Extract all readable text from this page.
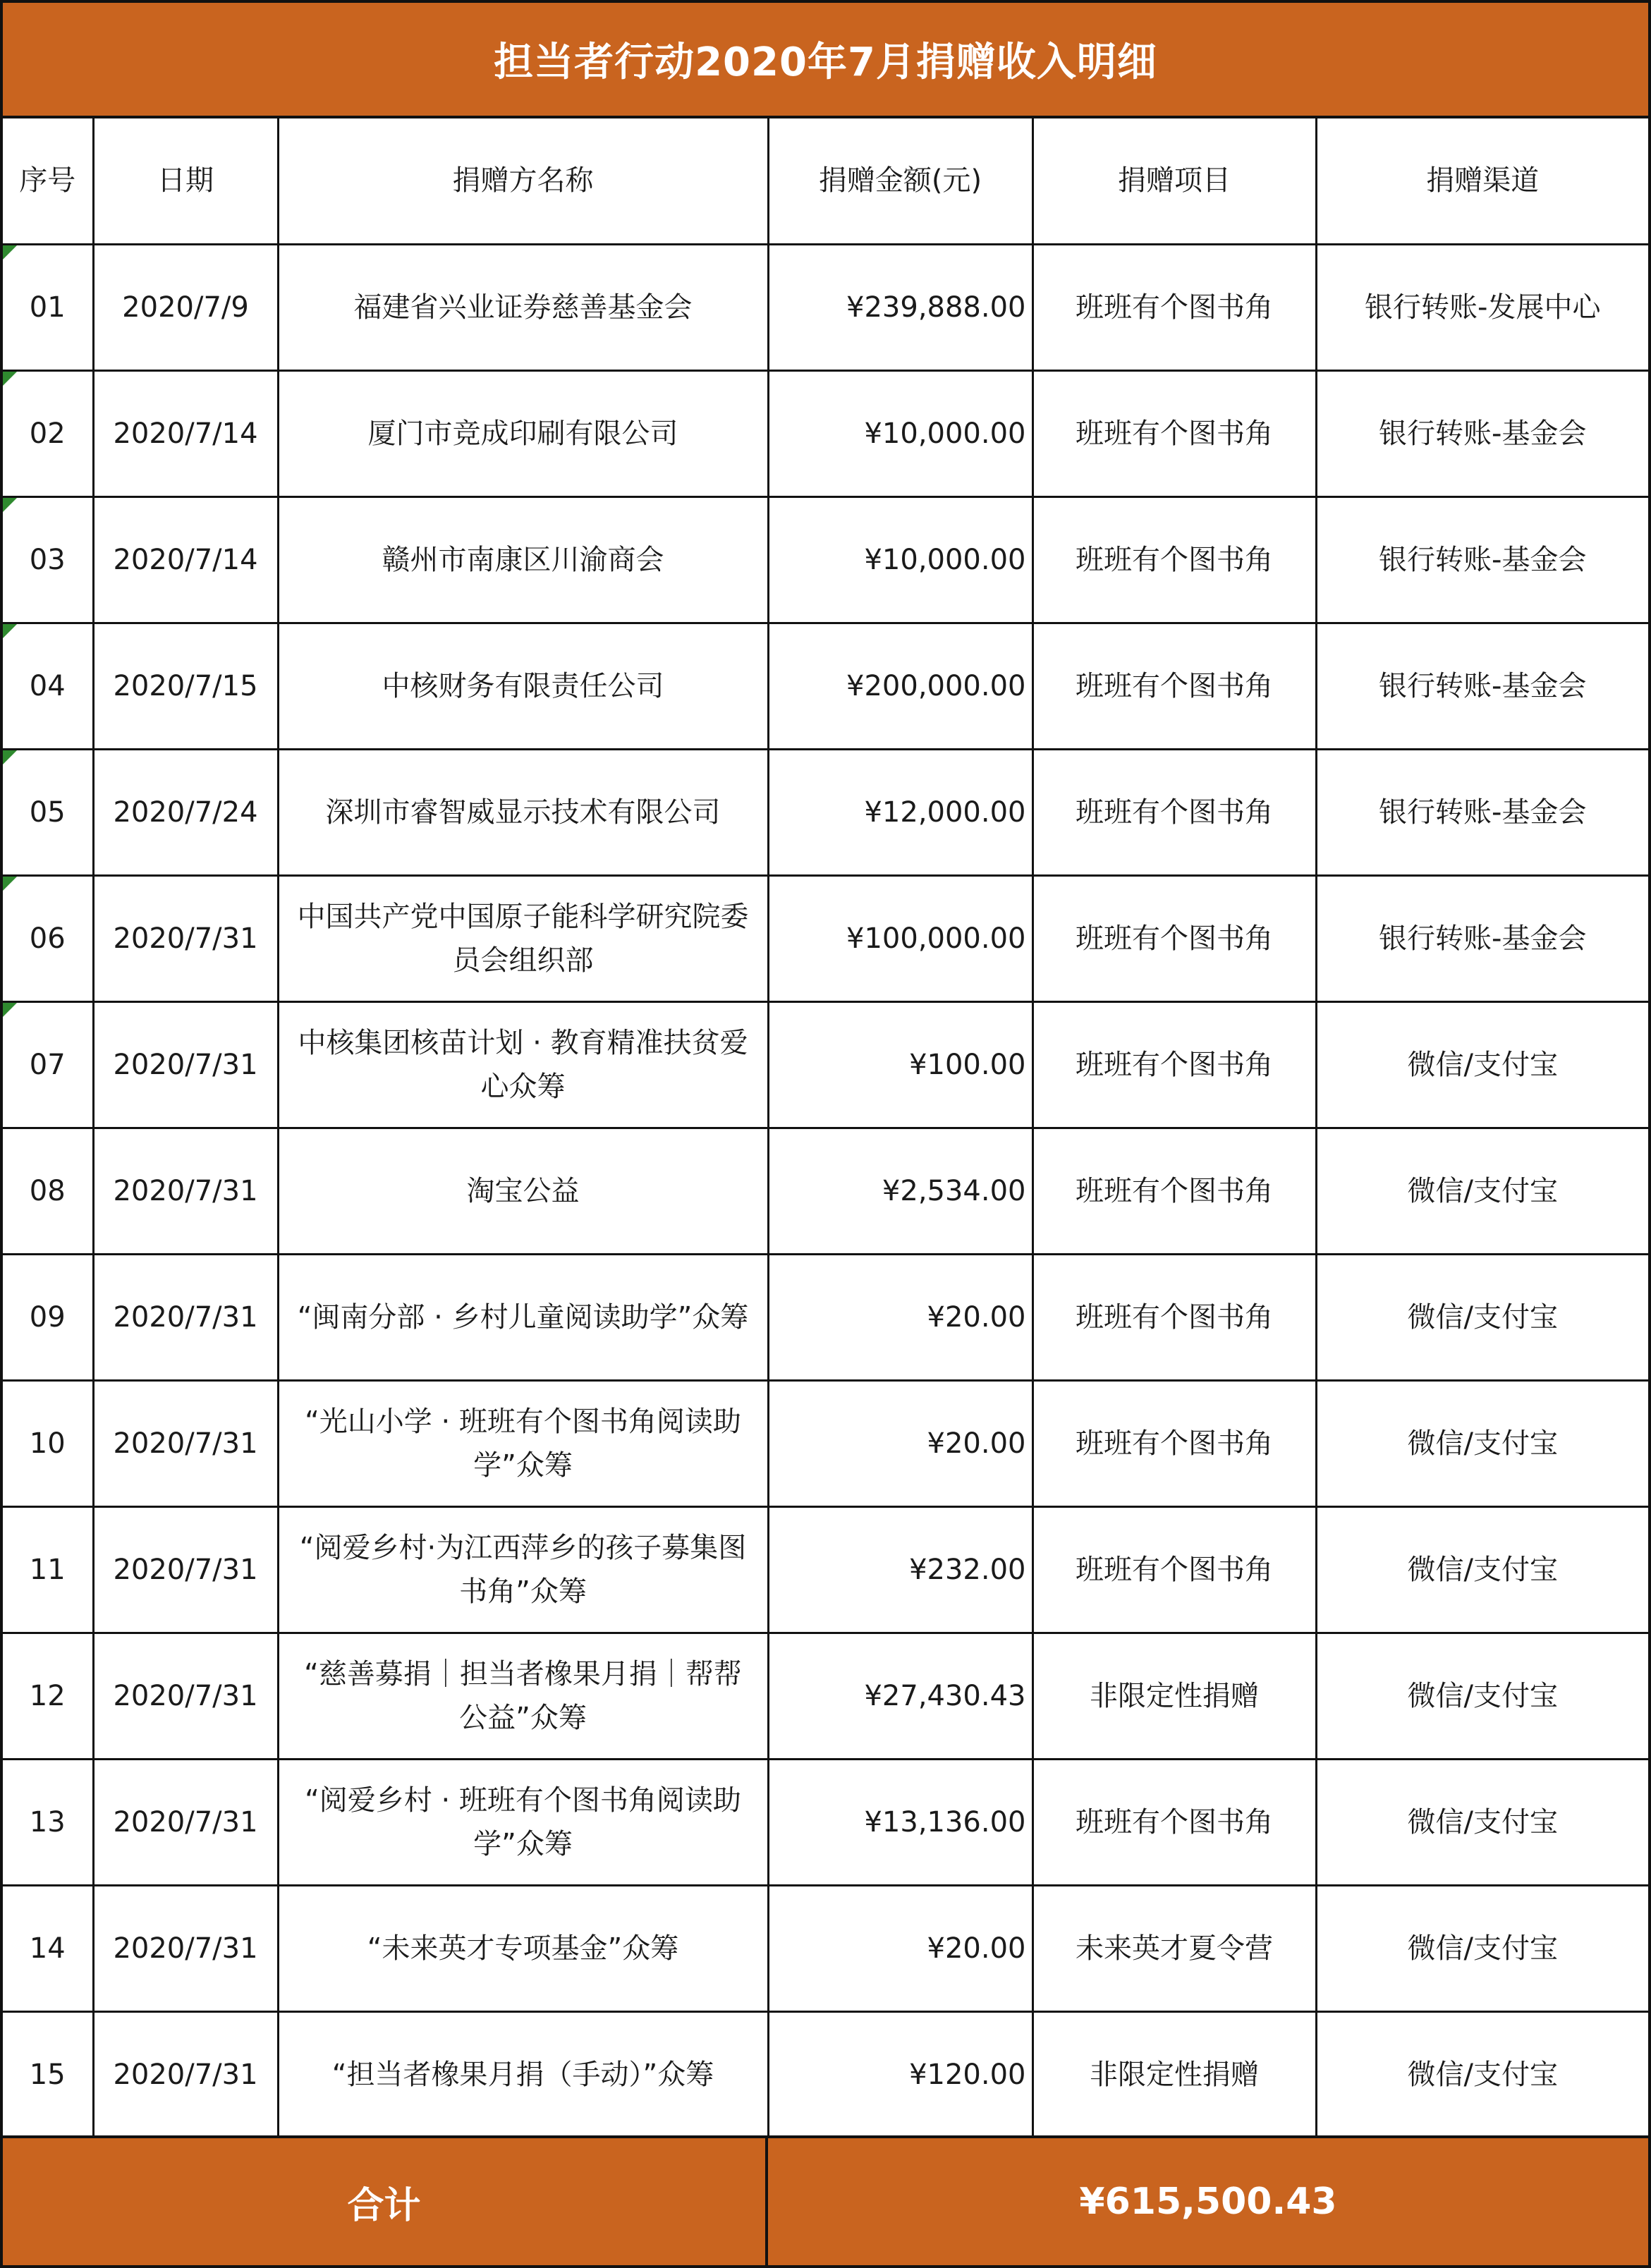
担当者行动2020年7月捐赠收入明细
序号	日期	捐赠方名称	捐赠金额(元)	捐赠项目	捐赠渠道

01	2020/7/9	福建省兴业证券慈善基金会	¥239,888.00	班班有个图书角	银行转账-发展中心

02	2020/7/14	厦门市竞成印刷有限公司	¥10,000.00	班班有个图书角	银行转账-基金会

03	2020/7/14	赣州市南康区川渝商会	¥10,000.00	班班有个图书角	银行转账-基金会

04	2020/7/15	中核财务有限责任公司	¥200,000.00	班班有个图书角	银行转账-基金会

05	2020/7/24	深圳市睿智威显示技术有限公司	¥12,000.00	班班有个图书角	银行转账-基金会

06	2020/7/31	中国共产党中国原子能科学研究院委员会组织部	¥100,000.00	班班有个图书角	银行转账-基金会

07	2020/7/31	中核集团核苗计划 · 教育精准扶贫爱心众筹	¥100.00	班班有个图书角	微信/支付宝
08	2020/7/31	淘宝公益	¥2,534.00	班班有个图书角	微信/支付宝
09	2020/7/31	“闽南分部 · 乡村儿童阅读助学”众筹	¥20.00	班班有个图书角	微信/支付宝
10	2020/7/31	“光山小学 · 班班有个图书角阅读助学”众筹	¥20.00	班班有个图书角	微信/支付宝
11	2020/7/31	“阅爱乡村·为江西萍乡的孩子募集图书角”众筹	¥232.00	班班有个图书角	微信/支付宝
12	2020/7/31	“慈善募捐｜担当者橡果月捐｜帮帮公益”众筹	¥27,430.43	非限定性捐赠	微信/支付宝
13	2020/7/31	“阅爱乡村 · 班班有个图书角阅读助学”众筹	¥13,136.00	班班有个图书角	微信/支付宝
14	2020/7/31	“未来英才专项基金”众筹	¥20.00	未来英才夏令营	微信/支付宝
15	2020/7/31	“担当者橡果月捐（手动）”众筹	¥120.00	非限定性捐赠	微信/支付宝
合计	¥615,500.43
